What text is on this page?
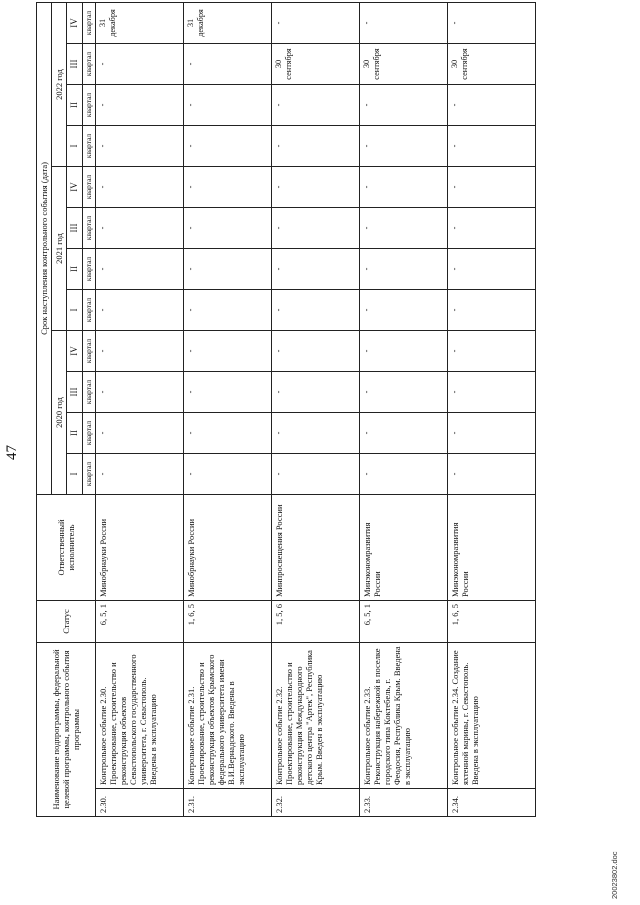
47
Наименование подпрограммы, федеральной целевой программы, контрольного события программы		Статус	Ответственный исполнитель	Срок наступления контрольного события (дата)											
				2020 год				2021 год				2022 год			
				I	II	III	IV	I	II	III	IV	I	II	III	IV
				квартал	квартал	квартал	квартал	квартал	квартал	квартал	квартал	квартал	квартал	квартал	квартал
2.30.	Контрольное событие 2.30. Проектирование, строительство и реконструкция объектов Севастопольского государственного университета, г. Севастополь. Введены в эксплуатацию	6, 5, 1	Минобрнауки России	-	-	-	-	-	-	-	-	-	-	-	31 декабря
2.31.	Контрольное событие 2.31. Проектирование, строительство и реконструкция объектов Крымского федерального университета имени В.И.Вернадского. Введены в эксплуатацию	1, 6, 5	Минобрнауки России	-	-	-	-	-	-	-	-	-	-	-	31 декабря
2.32.	Контрольное событие 2.32. Проектирование, строительство и реконструкция Международного детского центра "Артек", Республика Крым. Введен в эксплуатацию	1, 5, 6	Минпросвещения России	-	-	-	-	-	-	-	-	-	-	30 сентября	-
2.33.	Контрольное событие 2.33. Реконструкция набережной в поселке городского типа Коктебель, г. Феодосия, Республика Крым. Введена в эксплуатацию	6, 5, 1	Минэкономразвития России	-	-	-	-	-	-	-	-	-	-	30 сентября	-
2.34.	Контрольное событие 2.34. Создание яхтенной марины, г. Севастополь. Введена в эксплуатацию	1, 6, 5	Минэкономразвития России	-	-	-	-	-	-	-	-	-	-	30 сентября	-
20023802.doc
